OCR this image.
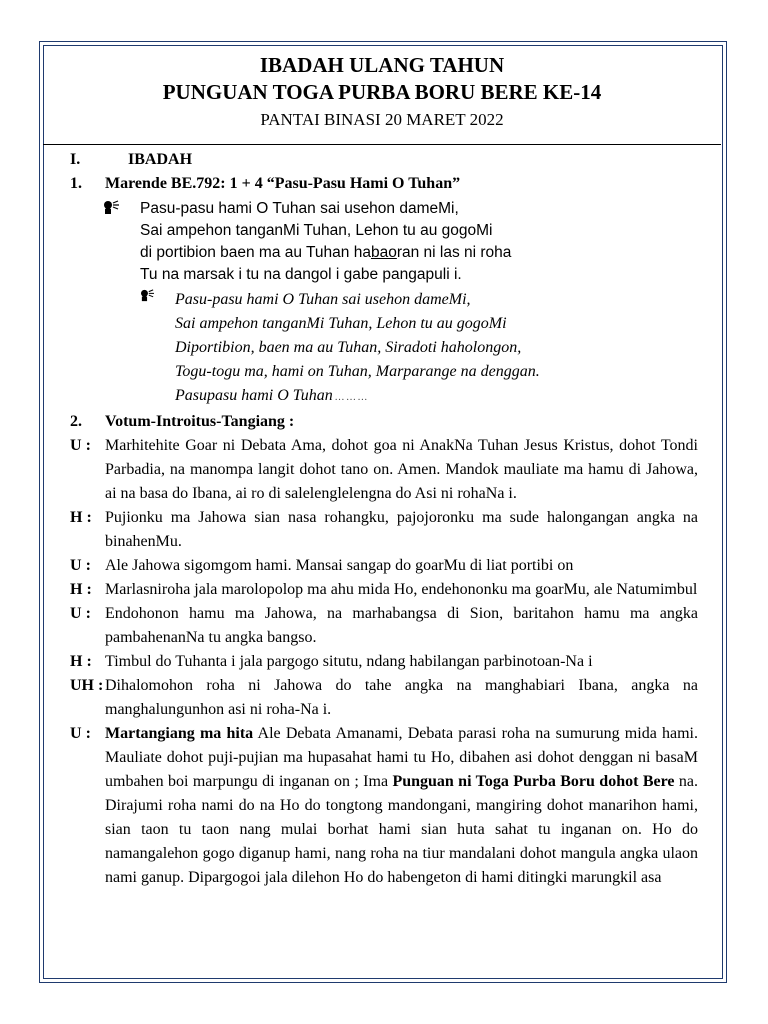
IBADAH ULANG TAHUN
PUNGUAN TOGA PURBA BORU BERE KE-14
PANTAI BINASI 20 MARET 2022
I.	IBADAH
1. Marende BE.792: 1 + 4 “Pasu-Pasu Hami O Tuhan”
Pasu-pasu hami O Tuhan sai usehon dameMi,
Sai ampehon tanganMi Tuhan, Lehon tu au gogoMi
di portibion baen ma au Tuhan habaoran ni las ni roha
Tu na marsak i tu na dangol i gabe pangapuli i.
Pasu-pasu hami O Tuhan sai usehon dameMi,
Sai ampehon tanganMi Tuhan, Lehon tu au gogoMi
Diportibion, baen ma au Tuhan, Siradoti haholongon,
Togu-togu ma, hami on Tuhan, Marparange na denggan.
Pasupasu hami O Tuhan … … …
2. Votum-Introitus-Tangiang :
U : Marhitehite Goar ni Debata Ama, dohot goa ni AnakNa Tuhan Jesus Kristus, dohot Tondi Parbadia, na manompa langit dohot tano on. Amen. Mandok mauliate ma hamu di Jahowa, ai na basa do Ibana, ai ro di salelenglelengna do Asi ni rohaNa i.
H : Pujionku ma Jahowa sian nasa rohangku, pajojoronku ma sude halongangan angka na binahenMu.
U : Ale Jahowa sigomgom hami. Mansai sangap do goarMu di liat portibi on
H : Marlasniroha jala marolopolop ma ahu mida Ho, endehononku ma goarMu, ale Natumimbul
U : Endohonon hamu ma Jahowa, na marhabangsa di Sion, baritahon hamu ma angka pambahenanNa tu angka bangso.
H : Timbul do Tuhanta i jala pargogo situtu, ndang habilangan parbinotoan-Na i
UH : Dihalomohon roha ni Jahowa do tahe angka na manghabiari Ibana, angka na manghalungunhon asi ni roha-Na i.
U : Martangiang ma hita Ale Debata Amanami, Debata parasi roha na sumurung mida hami. Mauliate dohot puji-pujian ma hupasahat hami tu Ho, dibahen asi dohot denggan ni basaM umbahen boi marpungu di inganan on ; Ima Punguan ni Toga Purba Boru dohot Bere na. Dirajumi roha nami do na Ho do tongtong mandongani, mangiring dohot manarihon hami, sian taon tu taon nang mulai borhat hami sian huta sahat tu inganan on. Ho do namangalehon gogo diganup hami, nang roha na tiur mandalani dohot mangula angka ulaon nami ganup. Dipargogoi jala dilehon Ho do habengeton di hami ditingki marungkil asa
